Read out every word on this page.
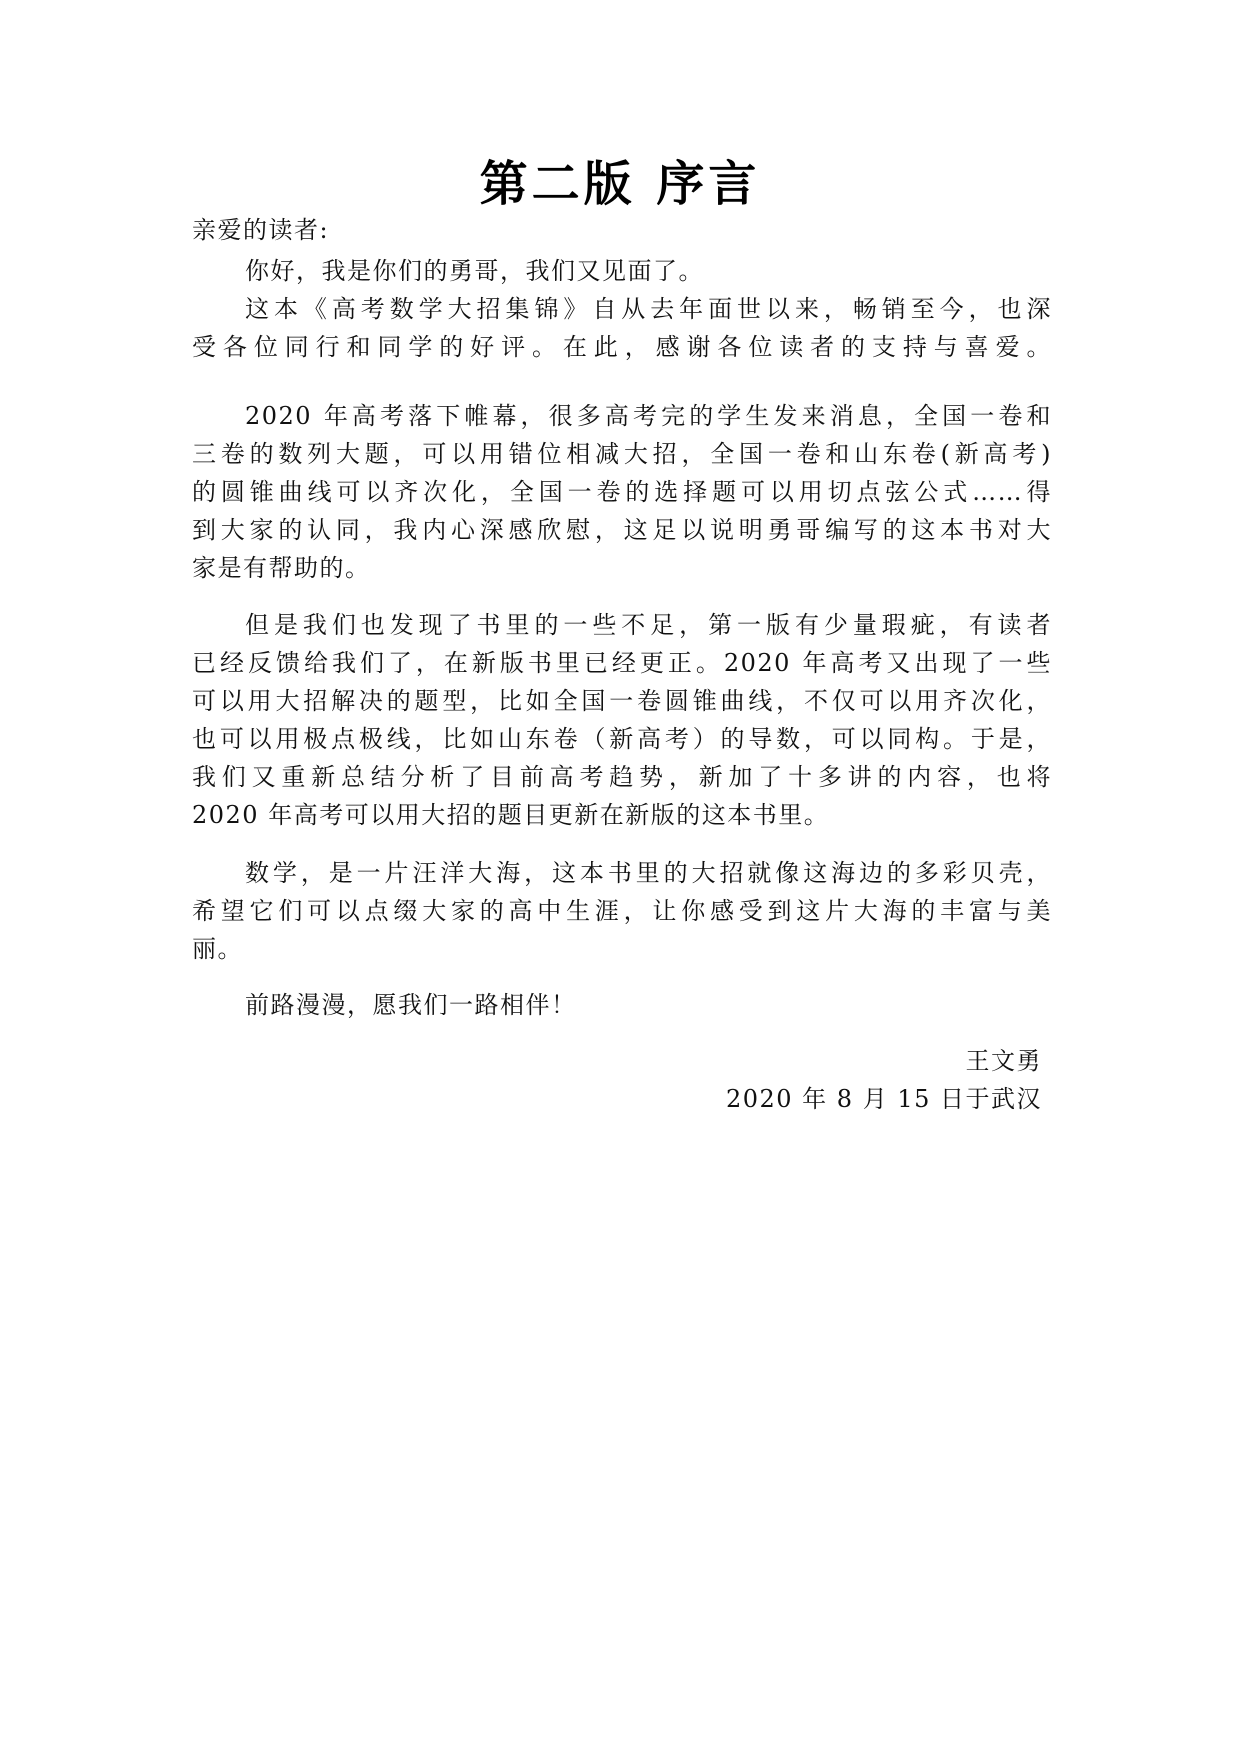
第二版 序言
亲爱的读者:
你好，我是你们的勇哥，我们又见面了。
这本《高考数学大招集锦》自从去年面世以来，畅销至今，也深
受各位同行和同学的好评。在此，感谢各位读者的支持与喜爱。
2020 年高考落下帷幕，很多高考完的学生发来消息，全国一卷和
三卷的数列大题，可以用错位相减大招，全国一卷和山东卷(新高考)
的圆锥曲线可以齐次化，全国一卷的选择题可以用切点弦公式……得
到大家的认同，我内心深感欣慰，这足以说明勇哥编写的这本书对大
家是有帮助的。
但是我们也发现了书里的一些不足，第一版有少量瑕疵，有读者
已经反馈给我们了，在新版书里已经更正。2020 年高考又出现了一些
可以用大招解决的题型，比如全国一卷圆锥曲线，不仅可以用齐次化，
也可以用极点极线，比如山东卷（新高考）的导数，可以同构。于是，
我们又重新总结分析了目前高考趋势，新加了十多讲的内容，也将
2020 年高考可以用大招的题目更新在新版的这本书里。
数学，是一片汪洋大海，这本书里的大招就像这海边的多彩贝壳，
希望它们可以点缀大家的高中生涯，让你感受到这片大海的丰富与美
丽。
前路漫漫，愿我们一路相伴！
王文勇
2020 年 8 月 15 日于武汉
